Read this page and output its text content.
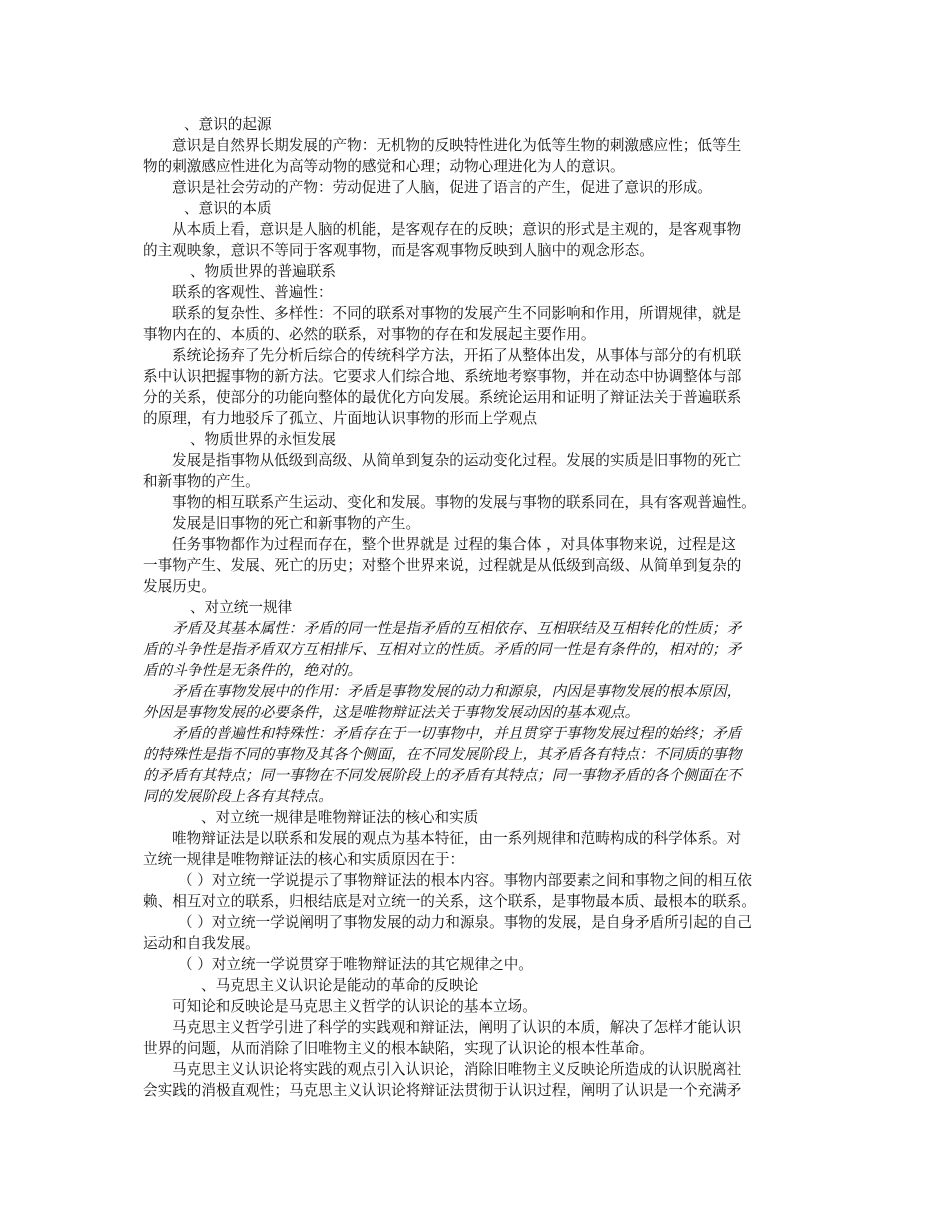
、意识的起源
意识是自然界长期发展的产物：无机物的反映特性进化为低等生物的刺激感应性；低等生
物的刺激感应性进化为高等动物的感觉和心理；动物心理进化为人的意识。
意识是社会劳动的产物：劳动促进了人脑，促进了语言的产生，促进了意识的形成。
、意识的本质
从本质上看，意识是人脑的机能，是客观存在的反映；意识的形式是主观的，是客观事物
的主观映象，意识不等同于客观事物，而是客观事物反映到人脑中的观念形态。
、物质世界的普遍联系
联系的客观性、普遍性：
联系的复杂性、多样性：不同的联系对事物的发展产生不同影响和作用，所谓规律，就是
事物内在的、本质的、必然的联系，对事物的存在和发展起主要作用。
系统论扬弃了先分析后综合的传统科学方法，开拓了从整体出发，从事体与部分的有机联
系中认识把握事物的新方法。它要求人们综合地、系统地考察事物，并在动态中协调整体与部
分的关系，使部分的功能向整体的最优化方向发展。系统论运用和证明了辩证法关于普遍联系
的原理，有力地驳斥了孤立、片面地认识事物的形而上学观点
、物质世界的永恒发展
发展是指事物从低级到高级、从简单到复杂的运动变化过程。发展的实质是旧事物的死亡
和新事物的产生。
事物的相互联系产生运动、变化和发展。事物的发展与事物的联系同在，具有客观普遍性。
发展是旧事物的死亡和新事物的产生。
任务事物都作为过程而存在，整个世界就是 过程的集合体 ，对具体事物来说，过程是这
一事物产生、发展、死亡的历史；对整个世界来说，过程就是从低级到高级、从简单到复杂的
发展历史。
、对立统一规律
矛盾及其基本属性：矛盾的同一性是指矛盾的互相依存、互相联结及互相转化的性质；矛
盾的斗争性是指矛盾双方互相排斥、互相对立的性质。矛盾的同一性是有条件的，相对的；矛
盾的斗争性是无条件的，绝对的。
矛盾在事物发展中的作用：矛盾是事物发展的动力和源泉，内因是事物发展的根本原因，
外因是事物发展的必要条件，这是唯物辩证法关于事物发展动因的基本观点。
矛盾的普遍性和特殊性：矛盾存在于一切事物中，并且贯穿于事物发展过程的始终；矛盾
的特殊性是指不同的事物及其各个侧面，在不同发展阶段上，其矛盾各有特点：不同质的事物
的矛盾有其特点；同一事物在不同发展阶段上的矛盾有其特点；同一事物矛盾的各个侧面在不
同的发展阶段上各有其特点。
、对立统一规律是唯物辩证法的核心和实质
唯物辩证法是以联系和发展的观点为基本特征，由一系列规律和范畴构成的科学体系。对
立统一规律是唯物辩证法的核心和实质原因在于：
（ ）对立统一学说提示了事物辩证法的根本内容。事物内部要素之间和事物之间的相互依
赖、相互对立的联系，归根结底是对立统一的关系，这个联系，是事物最本质、最根本的联系。
（ ）对立统一学说阐明了事物发展的动力和源泉。事物的发展，是自身矛盾所引起的自己
运动和自我发展。
（ ）对立统一学说贯穿于唯物辩证法的其它规律之中。
、马克思主义认识论是能动的革命的反映论
可知论和反映论是马克思主义哲学的认识论的基本立场。
马克思主义哲学引进了科学的实践观和辩证法，阐明了认识的本质，解决了怎样才能认识
世界的问题，从而消除了旧唯物主义的根本缺陷，实现了认识论的根本性革命。
马克思主义认识论将实践的观点引入认识论，消除旧唯物主义反映论所造成的认识脱离社
会实践的消极直观性；马克思主义认识论将辩证法贯彻于认识过程，阐明了认识是一个充满矛
